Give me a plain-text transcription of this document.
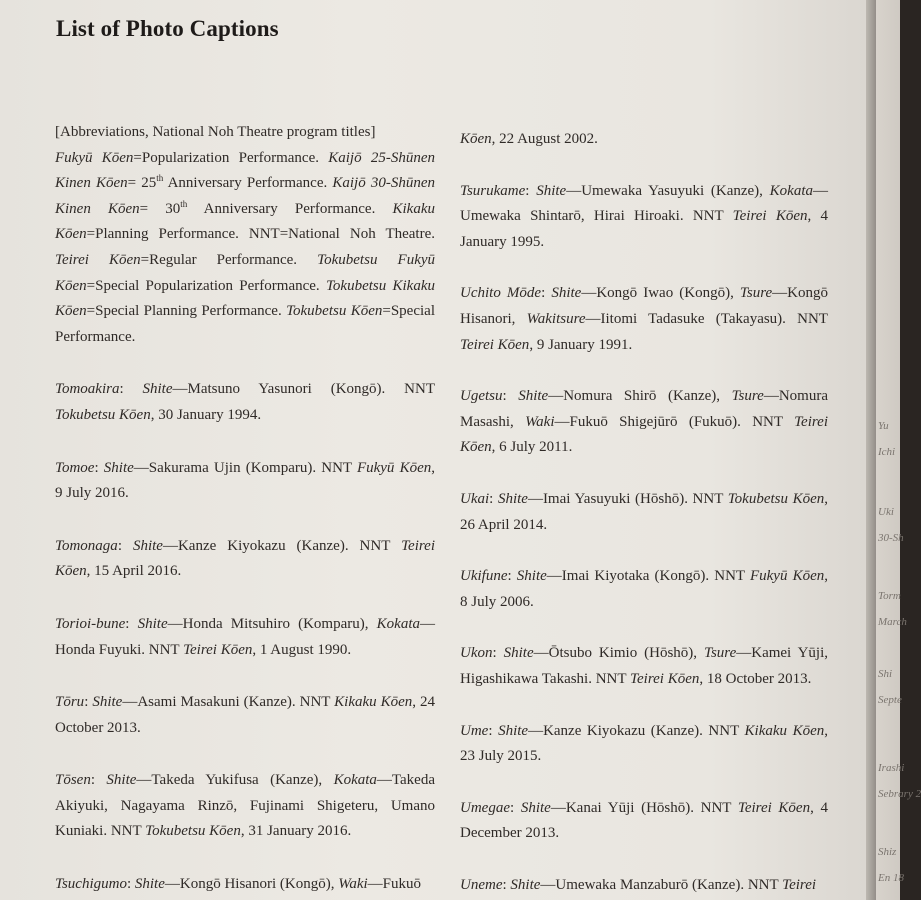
List of Photo Captions

[Abbreviations, National Noh Theatre program titles]

Fukyū Kōen=Popularization Performance. Kaijō 25-Shūnen Kinen Kōen= 25th Anniversary Performance. Kaijō 30-Shūnen Kinen Kōen= 30th Anniversary Performance. Kikaku Kōen=Planning Performance. NNT=National Noh Theatre. Teirei Kōen=Regular Performance. Tokubetsu Fukyū Kōen=Special Popularization Performance. Tokubetsu Kikaku Kōen=Special Planning Performance. Tokubetsu Kōen=Special Performance.

Tomoakira: Shite—Matsuno Yasunori (Kongō). NNT Tokubetsu Kōen, 30 January 1994.

Tomoe: Shite—Sakurama Ujin (Komparu). NNT Fukyū Kōen, 9 July 2016.

Tomonaga: Shite—Kanze Kiyokazu (Kanze). NNT Teirei Kōen, 15 April 2016.

Torioi-bune: Shite—Honda Mitsuhiro (Komparu), Kokata—Honda Fuyuki. NNT Teirei Kōen, 1 August 1990.

Tōru: Shite—Asami Masakuni (Kanze). NNT Kikaku Kōen, 24 October 2013.

Tōsen: Shite—Takeda Yukifusa (Kanze), Kokata—Takeda Akiyuki, Nagayama Rinzō, Fujinami Shigeteru, Umano Kuniaki. NNT Tokubetsu Kōen, 31 January 2016.

Tsuchigumo: Shite—Kongō Hisanori (Kongō), Waki—Fukuō

Kōen, 22 August 2002.

Tsurukame: Shite—Umewaka Yasuyuki (Kanze), Kokata—Umewaka Shintarō, Hirai Hiroaki. NNT Teirei Kōen, 4 January 1995.

Uchito Mōde: Shite—Kongō Iwao (Kongō), Tsure—Kongō Hisanori, Wakitsure—Iitomi Tadasuke (Takayasu). NNT Teirei Kōen, 9 January 1991.

Ugetsu: Shite—Nomura Shirō (Kanze), Tsure—Nomura Masashi, Waki—Fukuō Shigejūrō (Fukuō). NNT Teirei Kōen, 6 July 2011.

Ukai: Shite—Imai Yasuyuki (Hōshō). NNT Tokubetsu Kōen, 26 April 2014.

Ukifune: Shite—Imai Kiyotaka (Kongō). NNT Fukyū Kōen, 8 July 2006.

Ukon: Shite—Ōtsubo Kimio (Hōshō), Tsure—Kamei Yūji, Higashikawa Takashi. NNT Teirei Kōen, 18 October 2013.

Ume: Shite—Kanze Kiyokazu (Kanze). NNT Kikaku Kōen, 23 July 2015.

Umegae: Shite—Kanai Yūji (Hōshō). NNT Teirei Kōen, 4 December 2013.

Uneme: Shite—Umewaka Manzaburō (Kanze). NNT Teirei

Yu
Ichi
Uki
30-Sh
Torm
March
Shi
Septe
Irashi
Sebrary 2
Shiz
En 18
